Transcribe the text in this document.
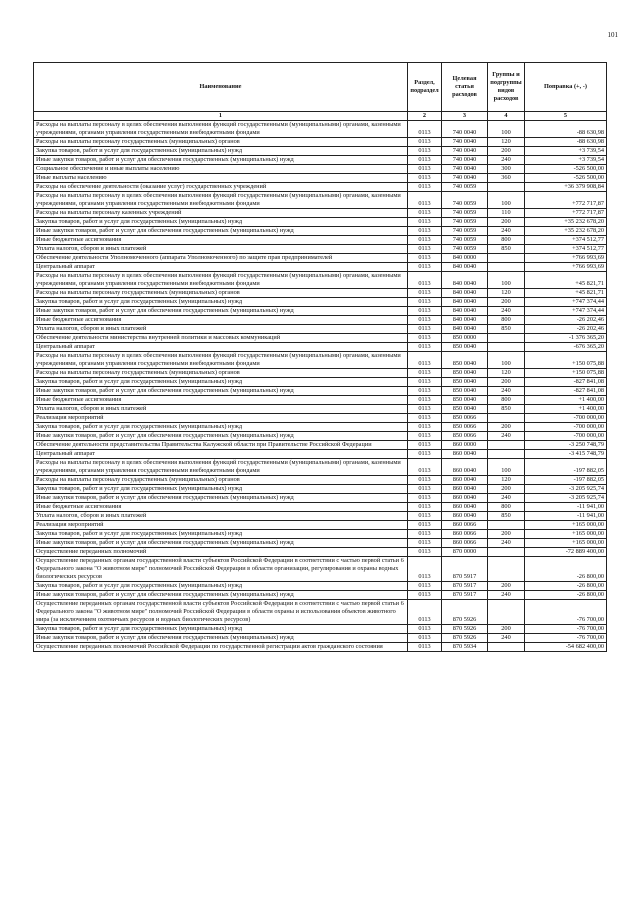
101
Наименование	Раздел, подраздел	Целевая статья расходов	Группы и подгруппы видов расходов	Поправка (+, -)
1	2	3	4	5
Расходы на выплаты персоналу в целях обеспечения выполнения функций государственными (муниципальными) органами, казенными учреждениями, органами управления государственными внебюджетными фондами	0113	740 0040	100	-88 630,98
Расходы на выплаты персоналу государственных (муниципальных) органов	0113	740 0040	120	-88 630,98
Закупка товаров, работ и услуг для государственных (муниципальных) нужд	0113	740 0040	200	+3 739,54
Иные закупки товаров, работ и услуг для обеспечения государственных (муниципальных) нужд	0113	740 0040	240	+3 739,54
Социальное обеспечение и иные выплаты населению	0113	740 0040	300	-526 500,00
Иные выплаты населению	0113	740 0040	360	-526 500,00
Расходы на обеспечение деятельности (оказание услуг) государственных учреждений	0113	740 0059		+36 379 908,84
Расходы на выплаты персоналу в целях обеспечения выполнения функций государственными (муниципальными) органами, казенными учреждениями, органами управления государственными внебюджетными фондами	0113	740 0059	100	+772 717,87
Расходы на выплаты персоналу казенных учреждений	0113	740 0059	110	+772 717,87
Закупка товаров, работ и услуг для государственных (муниципальных) нужд	0113	740 0059	200	+35 232 678,20
Иные закупки товаров, работ и услуг для обеспечения государственных (муниципальных) нужд	0113	740 0059	240	+35 232 678,20
Иные бюджетные ассигнования	0113	740 0059	800	+374 512,77
Уплата налогов, сборов и иных платежей	0113	740 0059	850	+374 512,77
Обеспечение деятельности Уполномоченного (аппарата Уполномоченного) по защите прав предпринимателей	0113	840 0000		+766 993,69
Центральный аппарат	0113	840 0040		+766 993,69
Расходы на выплаты персоналу в целях обеспечения выполнения функций государственными (муниципальными) органами, казенными учреждениями, органами управления государственными внебюджетными фондами	0113	840 0040	100	+45 821,71
Расходы на выплаты персоналу государственных (муниципальных) органов	0113	840 0040	120	+45 821,71
Закупка товаров, работ и услуг для государственных (муниципальных) нужд	0113	840 0040	200	+747 374,44
Иные закупки товаров, работ и услуг для обеспечения государственных (муниципальных) нужд	0113	840 0040	240	+747 374,44
Иные бюджетные ассигнования	0113	840 0040	800	-26 202,46
Уплата налогов, сборов и иных платежей	0113	840 0040	850	-26 202,46
Обеспечение деятельности министерства внутренней политики и массовых коммуникаций	0113	850 0000		-1 376 365,20
Центральный аппарат	0113	850 0040		-676 365,20
Расходы на выплаты персоналу в целях обеспечения выполнения функций государственными (муниципальными) органами, казенными учреждениями, органами управления государственными внебюджетными фондами	0113	850 0040	100	+150 075,88
Расходы на выплаты персоналу государственных (муниципальных) органов	0113	850 0040	120	+150 075,88
Закупка товаров, работ и услуг для государственных (муниципальных) нужд	0113	850 0040	200	-827 841,08
Иные закупки товаров, работ и услуг для обеспечения государственных (муниципальных) нужд	0113	850 0040	240	-827 841,08
Иные бюджетные ассигнования	0113	850 0040	800	+1 400,00
Уплата налогов, сборов и иных платежей	0113	850 0040	850	+1 400,00
Реализация мероприятий	0113	850 0066		-700 000,00
Закупка товаров, работ и услуг для государственных (муниципальных) нужд	0113	850 0066	200	-700 000,00
Иные закупки товаров, работ и услуг для обеспечения государственных (муниципальных) нужд	0113	850 0066	240	-700 000,00
Обеспечение деятельности представительства Правительства Калужской области при Правительстве Российской Федерации	0113	860 0000		-3 250 748,79
Центральный аппарат	0113	860 0040		-3 415 748,79
Расходы на выплаты персоналу в целях обеспечения выполнения функций государственными (муниципальными) органами, казенными учреждениями, органами управления государственными внебюджетными фондами	0113	860 0040	100	-197 882,05
Расходы на выплаты персоналу государственных (муниципальных) органов	0113	860 0040	120	-197 882,05
Закупка товаров, работ и услуг для государственных (муниципальных) нужд	0113	860 0040	200	-3 205 925,74
Иные закупки товаров, работ и услуг для обеспечения государственных (муниципальных) нужд	0113	860 0040	240	-3 205 925,74
Иные бюджетные ассигнования	0113	860 0040	800	-11 941,00
Уплата налогов, сборов и иных платежей	0113	860 0040	850	-11 941,00
Реализация мероприятий	0113	860 0066		+165 000,00
Закупка товаров, работ и услуг для государственных (муниципальных) нужд	0113	860 0066	200	+165 000,00
Иные закупки товаров, работ и услуг для обеспечения государственных (муниципальных) нужд	0113	860 0066	240	+165 000,00
Осуществление переданных полномочий	0113	870 0000		-72 889 400,00
Осуществление переданных органам государственной власти субъектов Российской Федерации в соответствии с частью первой статьи 6 Федерального закона "О животном мире" полномочий Российской Федерации в области организации, регулирования и охраны водных биологических ресурсов	0113	870 5917		-26 800,00
Закупка товаров, работ и услуг для государственных (муниципальных) нужд	0113	870 5917	200	-26 800,00
Иные закупки товаров, работ и услуг для обеспечения государственных (муниципальных) нужд	0113	870 5917	240	-26 800,00
Осуществление переданных органам государственной власти субъектов Российской Федерации в соответствии с частью первой статьи 6 Федерального закона "О животном мире" полномочий Российской Федерации в области охраны и использования объектов животного мира (за исключением охотничьих ресурсов и водных биологических ресурсов)	0113	870 5926		-76 700,00
Закупка товаров, работ и услуг для государственных (муниципальных) нужд	0113	870 5926	200	-76 700,00
Иные закупки товаров, работ и услуг для обеспечения государственных (муниципальных) нужд	0113	870 5926	240	-76 700,00
Осуществление переданных полномочий Российской Федерации по государственной регистрации актов гражданского состояния	0113	870 5934		-54 682 400,00
